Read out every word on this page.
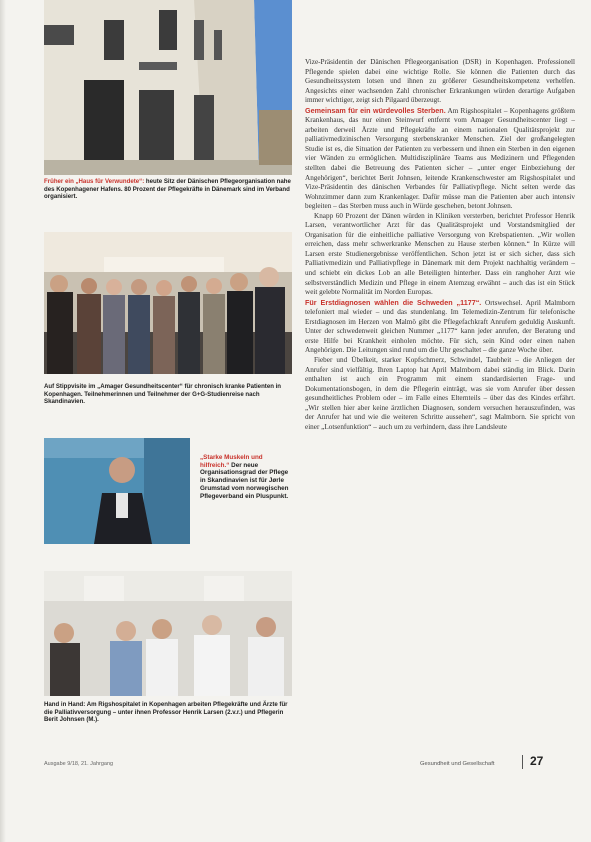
Früher ein „Haus für Verwundete“: heute Sitz der Dänischen Pflegeorganisation nahe des Kopenhagener Hafens. 80 Prozent der Pflegekräfte in Dänemark sind im Verband organisiert.
Auf Stippvisite im „Amager Gesundheitscenter“ für chronisch kranke Patienten in Kopenhagen. Teilnehmerinnen und Teilnehmer der G+G-Studienreise nach Skandinavien.
„Starke Muskeln und hilfreich.“ Der neue Organisationsgrad der Pflege in Skandinavien ist für Jørle Grumstad vom norwegischen Pflegeverband ein Pluspunkt.
Hand in Hand: Am Rigshospitalet in Kopenhagen arbeiten Pflegekräfte und Ärzte für die Palliativversorgung – unter ihnen Professor Henrik Larsen (2.v.r.) und Pflegerin Berit Johnsen (M.).

Vize-Präsidentin der Dänischen Pflegeorganisation (DSR) in Kopenhagen. Professionell Pflegende spielen dabei eine wichtige Rolle. Sie können die Patienten durch das Gesundheitssystem lotsen und ihnen zu größerer Gesundheitskompetenz verhelfen. Angesichts einer wachsenden Zahl chronischer Erkrankungen würden derartige Aufgaben immer wichtiger, zeigt sich Pilgaard überzeugt.

Gemeinsam für ein würdevolles Sterben. Am Rigshospitalet – Kopenhagens größtem Krankenhaus, das nur einen Steinwurf entfernt vom Amager Gesundheitscenter liegt – arbeiten derweil Ärzte und Pflegekräfte an einem nationalen Qualitätsprojekt zur palliativmedizinischen Versorgung sterbenskranker Menschen. Ziel der großangelegten Studie ist es, die Situation der Patienten zu verbessern und ihnen ein Sterben in den eigenen vier Wänden zu ermöglichen. Multidisziplinäre Teams aus Medizinern und Pflegenden stellten dabei die Betreuung des Patienten sicher – „unter enger Einbeziehung der Angehörigen“, berichtet Berit Johnsen, leitende Krankenschwester am Rigshospitalet und Vize-Präsidentin des dänischen Verbandes für Palliativpflege. Nicht selten werde das Wohnzimmer dann zum Krankenlager. Dafür müsse man die Patienten aber auch intensiv begleiten – das Sterben muss auch in Würde geschehen, betont Johnsen.

Knapp 60 Prozent der Dänen würden in Kliniken versterben, berichtet Professor Henrik Larsen, verantwortlicher Arzt für das Qualitätsprojekt und Vorstandsmitglied der Organisation für die einheitliche palliative Versorgung von Krebspatienten. „Wir wollen erreichen, dass mehr schwerkranke Menschen zu Hause sterben können.“ In Kürze will Larsen erste Studienergebnisse veröffentlichen. Schon jetzt ist er sich sicher, dass sich Palliativmedizin und Palliativpflege in Dänemark mit dem Projekt nachhaltig verändern – und schiebt ein dickes Lob an alle Beteiligten hinterher. Dass ein ranghoher Arzt wie selbstverständlich Medizin und Pflege in einem Atemzug erwähnt – auch das ist ein Stück weit gelebte Normalität im Norden Europas.

Für Erstdiagnosen wählen die Schweden „1177“. Ortswechsel. April Malmborn telefoniert mal wieder – und das stundenlang. Im Telemedizin-Zentrum für telefonische Erstdiagnosen im Herzen von Malmö gibt die Pflegefachkraft Anrufern geduldig Auskunft. Unter der schwedenweit gleichen Nummer „1177“ kann jeder anrufen, der Beratung und erste Hilfe bei Krankheit einholen möchte. Für sich, sein Kind oder einen nahen Angehörigen. Die Leitungen sind rund um die Uhr geschaltet – die ganze Woche über.

Fieber und Übelkeit, starker Kopfschmerz, Schwindel, Taubheit – die Anliegen der Anrufer sind vielfältig. Ihren Laptop hat April Malmborn dabei ständig im Blick. Darin enthalten ist auch ein Programm mit einem standardisierten Frage- und Dokumentationsbogen, in dem die Pflegerin einträgt, was sie vom Anrufer über dessen gesundheitliches Problem oder – im Falle eines Elternteils – über das des Kindes erfährt. „Wir stellen hier aber keine ärztlichen Diagnosen, sondern versuchen herauszufinden, was der Anrufer hat und wie die weiteren Schritte aussehen“, sagt Malmborn. Sie spricht von einer „Lotsenfunktion“ – auch um zu verhindern, dass ihre Landsleute

Ausgabe 9/18, 21. Jahrgang	Gesundheit und Gesellschaft	27
